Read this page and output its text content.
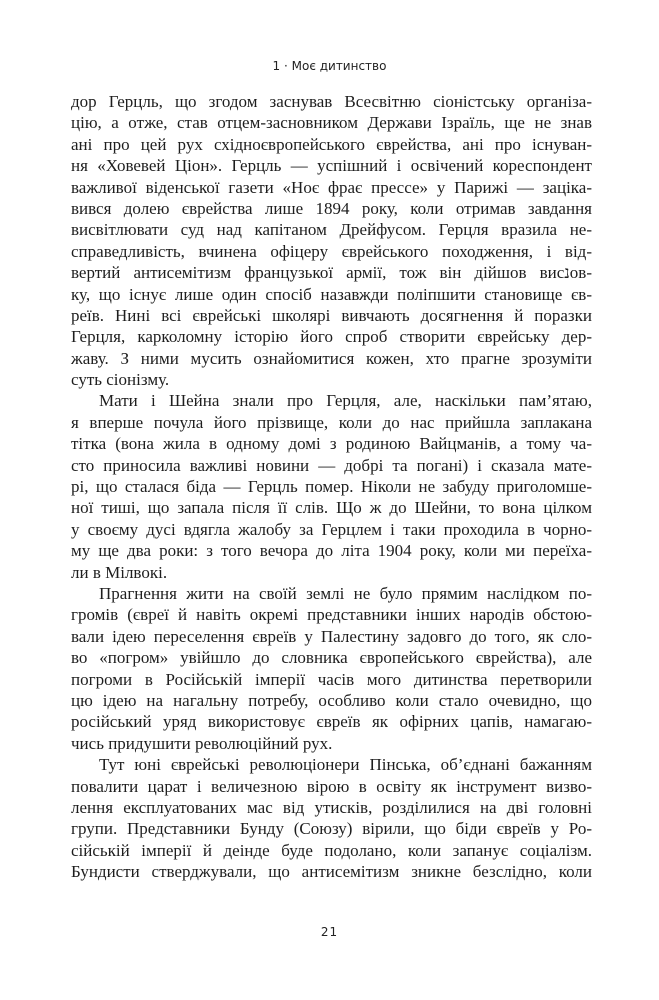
1 · Моє дитинство
дор Герцль, що згодом заснував Всесвітню сіоністську організа-
цію, а отже, став отцем-засновником Держави Ізраїль, ще не знав
ані про цей рух східноєвропейського єврейства, ані про існуван-
ня «Ховевей Ціон». Герцль — успішний і освічений кореспондент
важливої віденської газети «Ноє фрає прессе» у Парижі — заціка-
вився долею єврейства лише 1894 року, коли отримав завдання
висвітлювати суд над капітаном Дрейфусом. Герцля вразила не-
справедливість, вчинена офіцеру єврейського походження, і від-
вертий антисемітизм французької армії, тож він дійшов висנов-
ку, що існує лише один спосіб назавжди поліпшити становище єв-
реїв. Нині всі єврейські школярі вивчають досягнення й поразки
Герцля, карколомну історію його спроб створити єврейську дер-
жаву. З ними мусить ознайомитися кожен, хто прагне зрозуміти
суть сіонізму.
Мати і Шейна знали про Герцля, але, наскільки пам’ятаю,
я вперше почула його прізвище, коли до нас прийшла заплакана
тітка (вона жила в одному домі з родиною Вайцманів, а тому ча-
сто приносила важливі новини — добрі та погані) і сказала мате-
рі, що сталася біда — Герцль помер. Ніколи не забуду приголомше-
ної тиші, що запала після її слів. Що ж до Шейни, то вона цілком
у своєму дусі вдягла жалобу за Герцлем і таки проходила в чорно-
му ще два роки: з того вечора до літа 1904 року, коли ми переїха-
ли в Мілвокі.
Прагнення жити на своїй землі не було прямим наслідком по-
громів (євреї й навіть окремі представники інших народів обстою-
вали ідею переселення євреїв у Палестину задовго до того, як сло-
во «погром» увійшло до словника європейського єврейства), але
погроми в Російській імперії часів мого дитинства перетворили
цю ідею на нагальну потребу, особливо коли стало очевидно, що
російський уряд використовує євреїв як офірних цапів, намагаю-
чись придушити революційний рух.
Тут юні єврейські революціонери Пінська, об’єднані бажанням
повалити царат і величезною вірою в освіту як інструмент визво-
лення експлуатованих мас від утисків, розділилися на дві головні
групи. Представники Бунду (Союзу) вірили, що біди євреїв у Ро-
сійській імперії й деінде буде подолано, коли запанує соціалізм.
Бундисти стверджували, що антисемітизм зникне безслідно, коли
21
